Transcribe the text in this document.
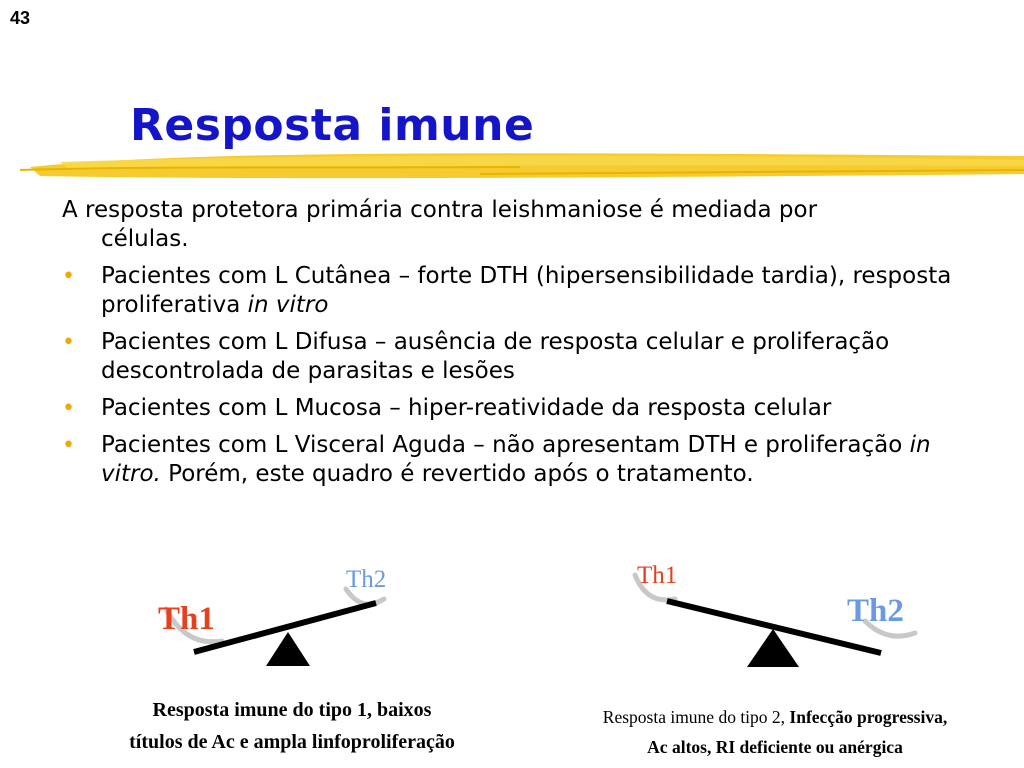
43
Resposta imune
A resposta protetora primária contra leishmaniose é mediada por
células.
• Pacientes com L Cutânea – forte DTH (hipersensibilidade tardia), resposta proliferativa in vitro
• Pacientes com L Difusa – ausência de resposta celular e proliferação descontrolada de parasitas e lesões
• Pacientes com L Mucosa – hiper-reatividade da resposta celular
• Pacientes com L Visceral Aguda – não apresentam DTH e proliferação in vitro. Porém, este quadro é revertido após o tratamento.
Th1
Th2	Th1
Th2
Resposta imune do tipo 1, baixos
títulos de Ac e ampla linfoproliferação
Resposta imune do tipo 2, Infecção progressiva,
Ac altos, RI deficiente ou anérgica
